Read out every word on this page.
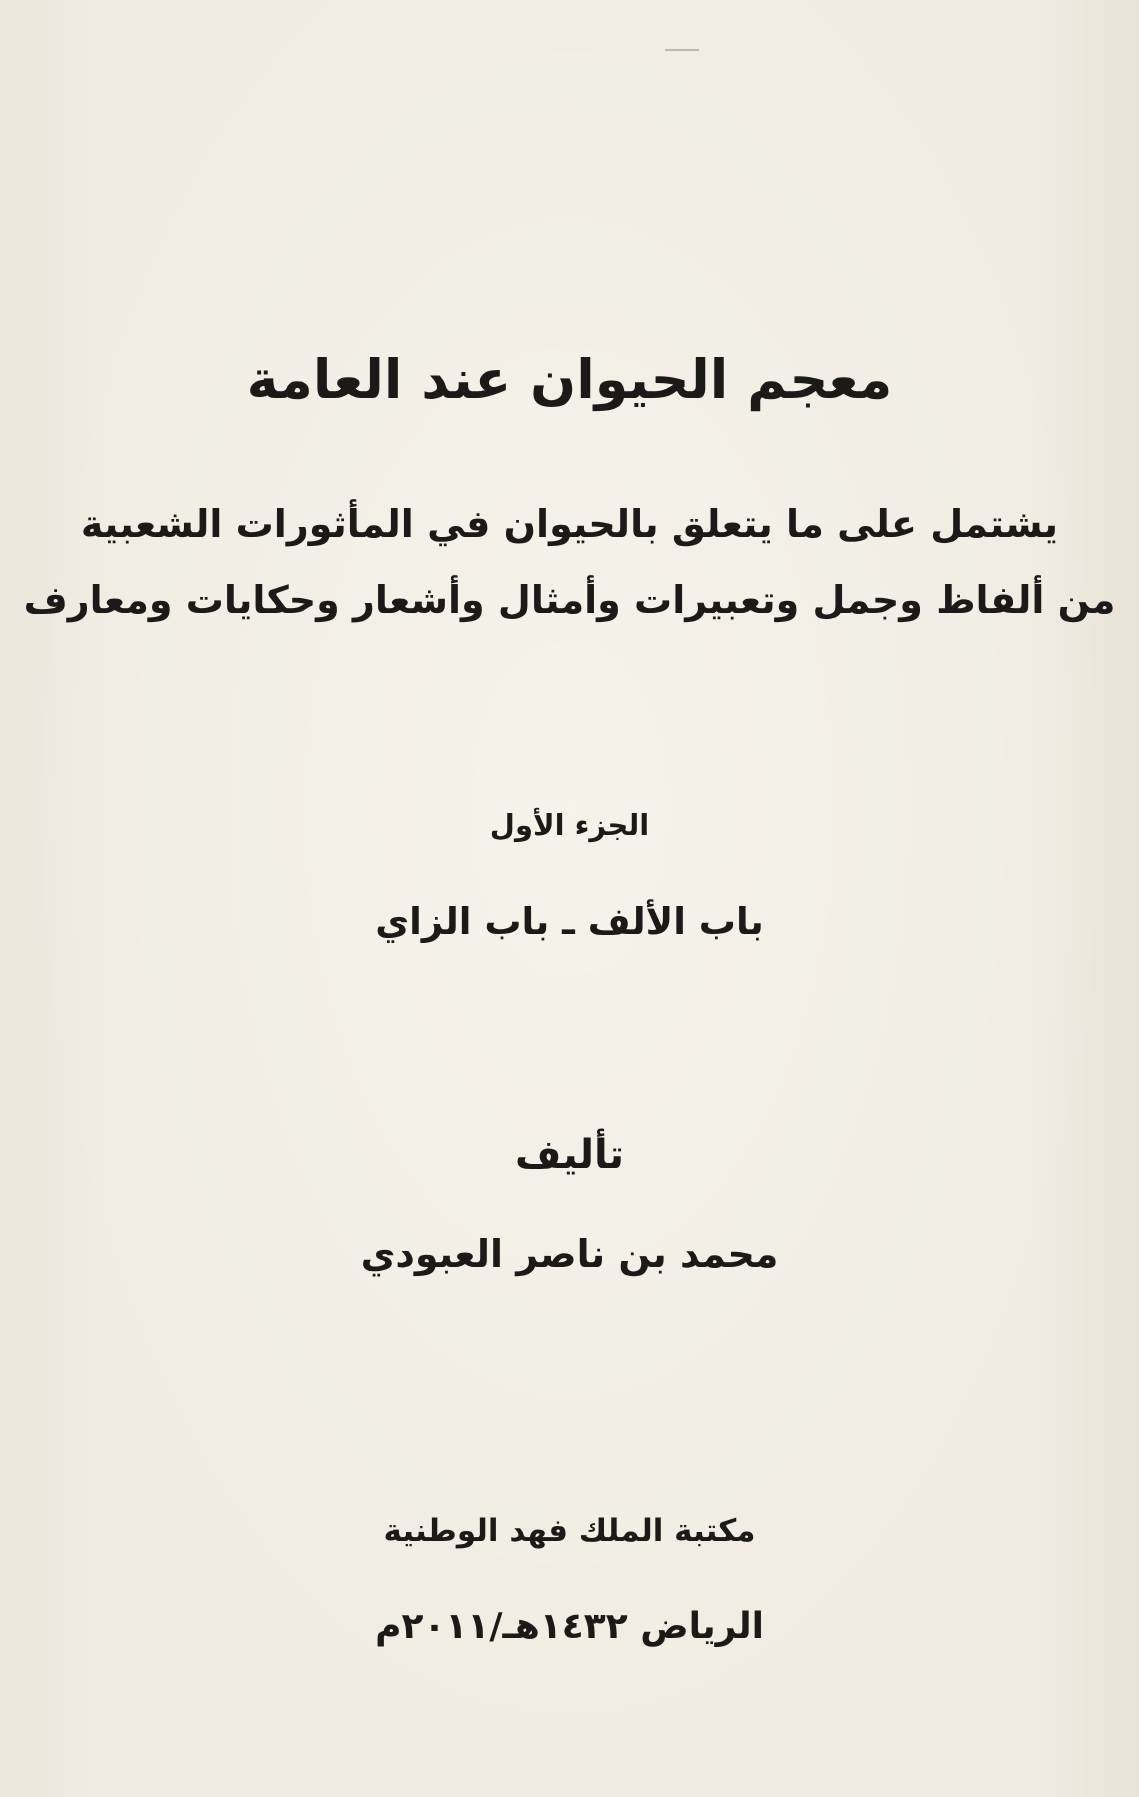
معجم الحيوان عند العامة

يشتمل على ما يتعلق بالحيوان في المأثورات الشعبية

من ألفاظ وجمل وتعبيرات وأمثال وأشعار وحكايات ومعارف

الجزء الأول

باب الألف ـ باب الزاي

تأليف

محمد بن ناصر العبودي

مكتبة الملك فهد الوطنية

الرياض ١٤٣٢هـ/٢٠١١م
